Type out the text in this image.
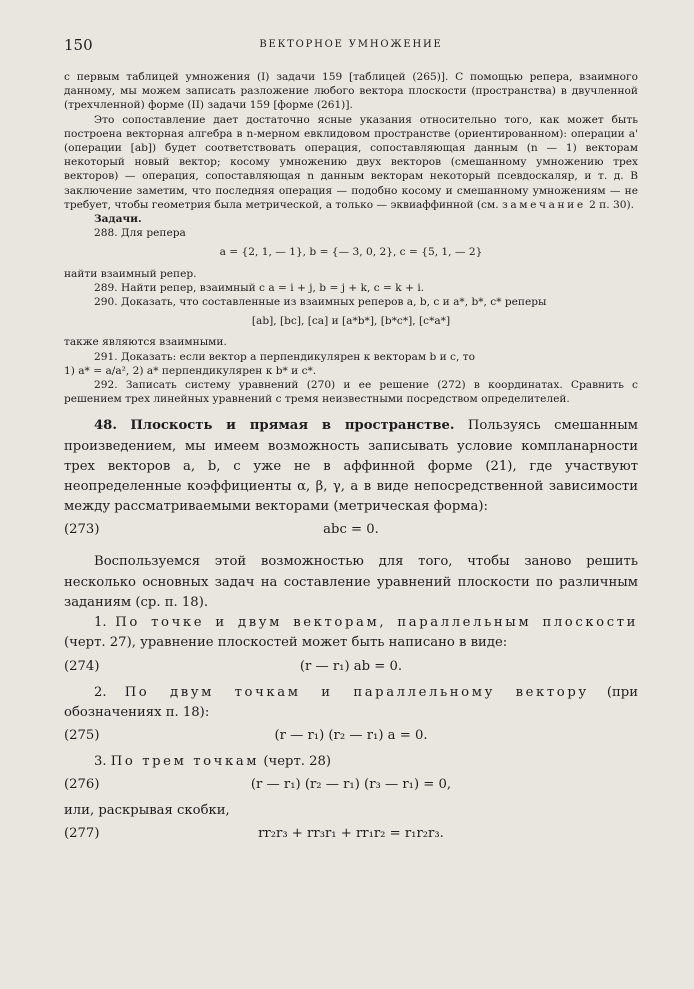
150	ВЕКТОРНОЕ УМНОЖЕНИЕ

с первым таблицей умножения (I) задачи 159 [таблицей (265)]. С помощью репера, взаимного данному, мы можем записать разложение любого вектора плоскости (пространства) в двучленной (трехчленной) форме (II) задачи 159 [форме (261)].

Это сопоставление дает достаточно ясные указания относительно того, как может быть построена векторная алгебра в n-мерном евклидовом пространстве (ориентированном): операции a' (операции [ab]) будет соответствовать операция, сопоставляющая данным (n — 1) векторам некоторый новый вектор; косому умножению двух векторов (смешанному умножению трех векторов) — операция, сопоставляющая n данным векторам некоторый псевдоскаляр, и т. д. В заключение заметим, что последняя операция — подобно косому и смешанному умножениям — не требует, чтобы геометрия была метрической, а только — эквиаффинной (см. замечание 2 п. 30).

Задачи.

288. Для репера

a = {2, 1, — 1}, b = {— 3, 0, 2}, c = {5, 1, — 2}

найти взаимный репер.

289. Найти репер, взаимный с a = i + j, b = j + k, c = k + i.

290. Доказать, что составленные из взаимных реперов a, b, c и a*, b*, c* реперы

[ab], [bc], [ca] и [a*b*], [b*c*], [c*a*]

также являются взаимными.

291. Доказать: если вектор a перпендикулярен к векторам b и c, то

1) a* = a/a², 2) a* перпендикулярен к b* и c*.

292. Записать систему уравнений (270) и ее решение (272) в координатах. Сравнить с решением трех линейных уравнений с тремя неизвестными посредством определителей.

48. Плоскость и прямая в пространстве. Пользуясь смешанным произведением, мы имеем возможность записывать условие компланарности трех векторов a, b, c уже не в аффинной форме (21), где участвуют неопределенные коэффициенты α, β, γ, а в виде непосредственной зависимости между рассматриваемыми векторами (метрическая форма):

(273)	abc = 0.

Воспользуемся этой возможностью для того, чтобы заново решить несколько основных задач на составление уравнений плоскости по различным заданиям (ср. п. 18).

1. По точке и двум векторам, параллельным плоскости (черт. 27), уравнение плоскостей может быть написано в виде:

(274)	(r — r₁) ab = 0.

2. По двум точкам и параллельному вектору (при обозначениях п. 18):

(275)	(r — r₁) (r₂ — r₁) a = 0.

3. По трем точкам (черт. 28)

(276)	(r — r₁) (r₂ — r₁) (r₃ — r₁) = 0,

или, раскрывая скобки,

(277)	rr₂r₃ + rr₃r₁ + rr₁r₂ = r₁r₂r₃.
